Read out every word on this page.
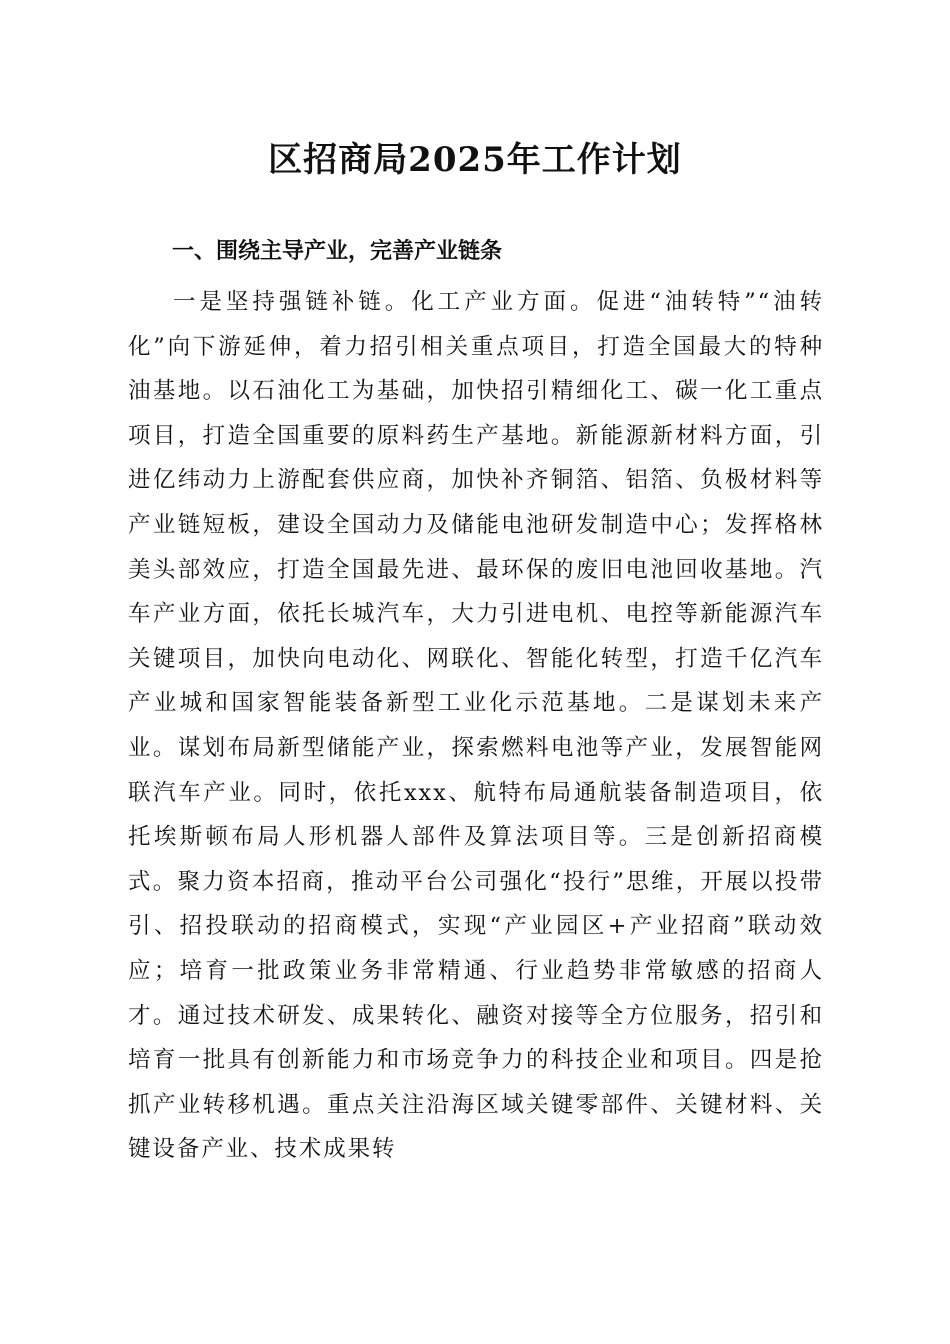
区招商局2025年工作计划
一、围绕主导产业，完善产业链条

一是坚持强链补链。化工产业方面。促进“油转特”“油转化”向下游延伸，着力招引相关重点项目，打造全国最大的特种油基地。以石油化工为基础，加快招引精细化工、碳一化工重点项目，打造全国重要的原料药生产基地。新能源新材料方面，引进亿纬动力上游配套供应商，加快补齐铜箔、铝箔、负极材料等产业链短板，建设全国动力及储能电池研发制造中心；发挥格林美头部效应，打造全国最先进、最环保的废旧电池回收基地。汽车产业方面，依托长城汽车，大力引进电机、电控等新能源汽车关键项目，加快向电动化、网联化、智能化转型，打造千亿汽车产业城和国家智能装备新型工业化示范基地。二是谋划未来产业。谋划布局新型储能产业，探索燃料电池等产业，发展智能网联汽车产业。同时，依托xxx、航特布局通航装备制造项目，依托埃斯顿布局人形机器人部件及算法项目等。三是创新招商模式。聚力资本招商，推动平台公司强化“投行”思维，开展以投带引、招投联动的招商模式，实现“产业园区+产业招商”联动效应；培育一批政策业务非常精通、行业趋势非常敏感的招商人才。通过技术研发、成果转化、融资对接等全方位服务，招引和培育一批具有创新能力和市场竞争力的科技企业和项目。四是抢抓产业转移机遇。重点关注沿海区域关键零部件、关键材料、关键设备产业、技术成果转
